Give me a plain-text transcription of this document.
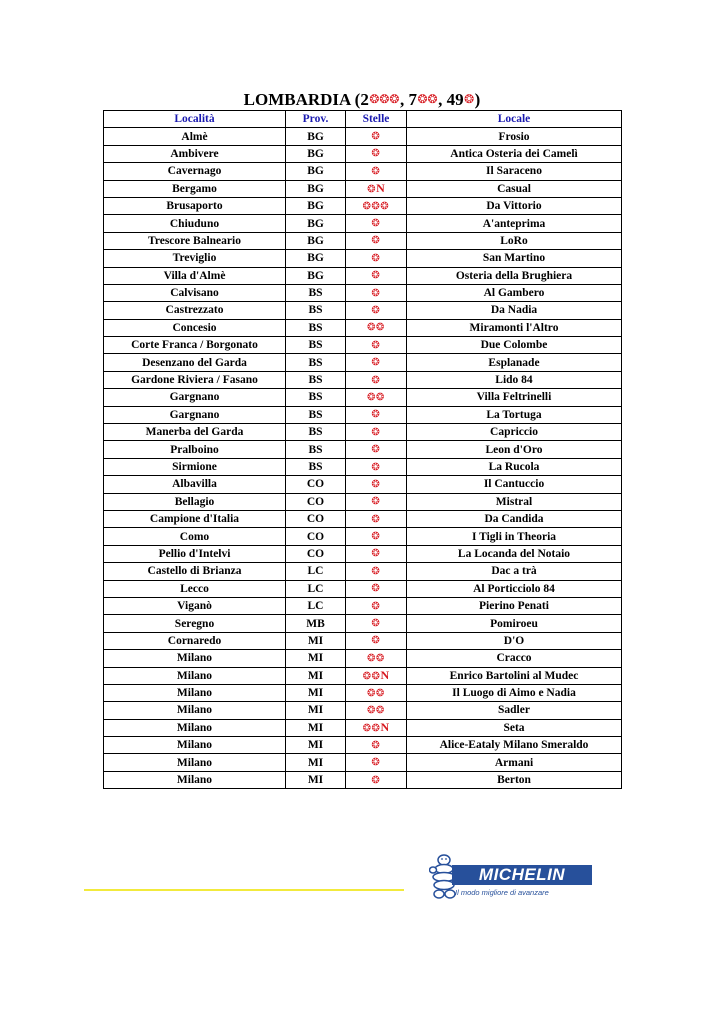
LOMBARDIA (2❂❂❂, 7❂❂, 49❂)
Località	Prov.	Stelle	Locale
Almè	BG	❂	Frosio
Ambivere	BG	❂	Antica Osteria dei Camelì
Cavernago	BG	❂	Il Saraceno
Bergamo	BG	❂N	Casual
Brusaporto	BG	❂❂❂	Da Vittorio
Chiuduno	BG	❂	A'anteprima
Trescore Balneario	BG	❂	LoRo
Treviglio	BG	❂	San Martino
Villa d'Almè	BG	❂	Osteria della Brughiera
Calvisano	BS	❂	Al Gambero
Castrezzato	BS	❂	Da Nadia
Concesio	BS	❂❂	Miramonti l'Altro
Corte Franca / Borgonato	BS	❂	Due Colombe
Desenzano del Garda	BS	❂	Esplanade
Gardone Riviera / Fasano	BS	❂	Lido 84
Gargnano	BS	❂❂	Villa Feltrinelli
Gargnano	BS	❂	La Tortuga
Manerba del Garda	BS	❂	Capriccio
Pralboino	BS	❂	Leon d'Oro
Sirmione	BS	❂	La Rucola
Albavilla	CO	❂	Il Cantuccio
Bellagio	CO	❂	Mistral
Campione d'Italia	CO	❂	Da Candida
Como	CO	❂	I Tigli in Theoria
Pellio d'Intelvi	CO	❂	La Locanda del Notaio
Castello di Brianza	LC	❂	Dac a trà
Lecco	LC	❂	Al Porticciolo 84
Viganò	LC	❂	Pierino Penati
Seregno	MB	❂	Pomiroeu
Cornaredo	MI	❂	D'O
Milano	MI	❂❂	Cracco
Milano	MI	❂❂N	Enrico Bartolini al Mudec
Milano	MI	❂❂	Il Luogo di Aimo e Nadia
Milano	MI	❂❂	Sadler
Milano	MI	❂❂N	Seta
Milano	MI	❂	Alice-Eataly Milano Smeraldo
Milano	MI	❂	Armani
Milano	MI	❂	Berton
MICHELIN
Il modo migliore di avanzare
